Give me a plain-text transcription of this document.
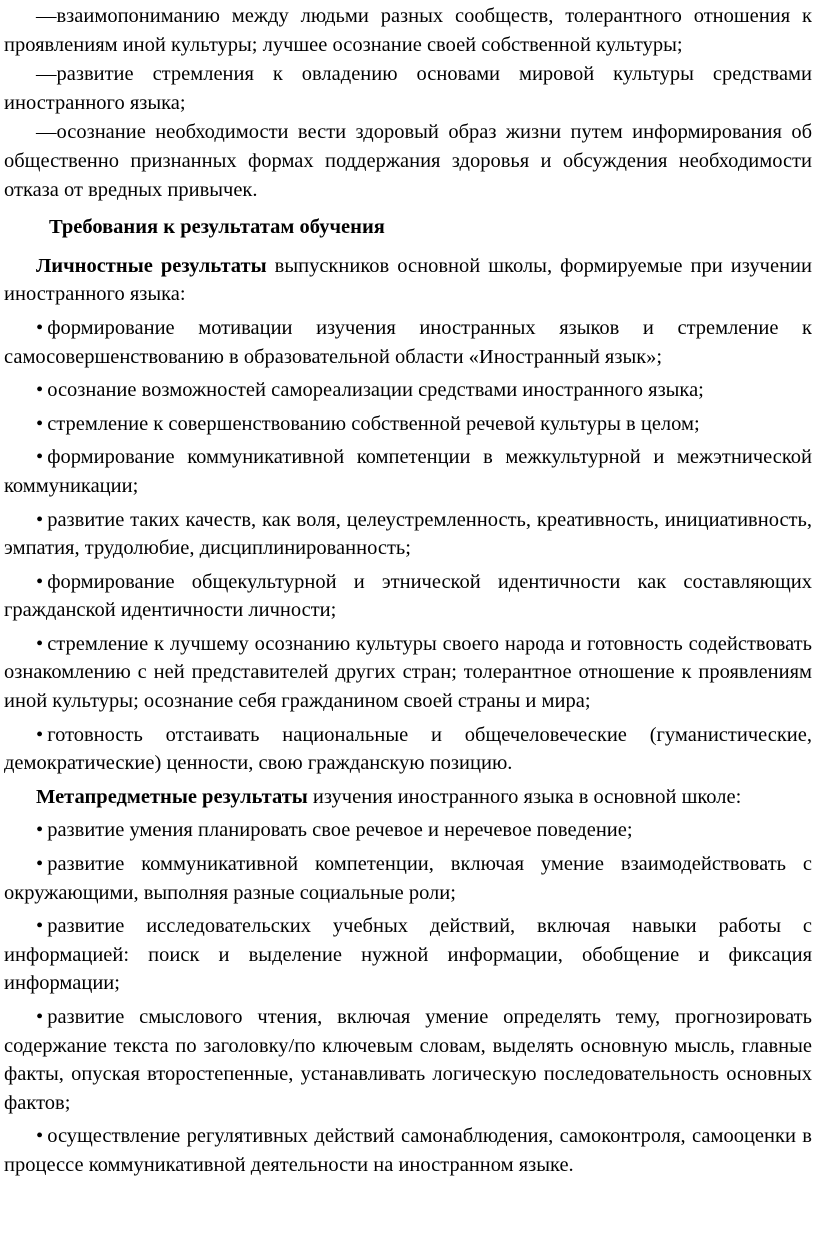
—взаимопониманию между людьми разных сообществ, толерантного отношения к проявлениям иной культуры; лучшее осознание своей собственной культуры;

—развитие стремления к овладению основами мировой культуры средствами иностранного языка;

—осознание необходимости вести здоровый образ жизни путем информирования об общественно признанных формах поддержания здоровья и обсуждения необходимости отказа от вредных привычек.

Требования к результатам обучения

Личностные результаты выпускников основной школы, формируемые при изучении иностранного языка:

• формирование мотивации изучения иностранных языков и стремление к самосовершенствованию в образовательной области «Иностранный язык»;

• осознание возможностей самореализации средствами иностранного языка;

• стремление к совершенствованию собственной речевой культуры в целом;

• формирование коммуникативной компетенции в межкультурной и межэтнической коммуникации;

• развитие таких качеств, как воля, целеустремленность, креативность, инициативность, эмпатия, трудолюбие, дисциплинированность;

• формирование общекультурной и этнической идентичности как составляющих гражданской идентичности личности;

• стремление к лучшему осознанию культуры своего народа и готовность содействовать ознакомлению с ней представителей других стран; толерантное отношение к проявлениям иной культуры; осознание себя гражданином своей страны и мира;

• готовность отстаивать национальные и общечеловеческие (гуманистические, демократические) ценности, свою гражданскую позицию.

Метапредметные результаты изучения иностранного языка в основной школе:

• развитие умения планировать свое речевое и неречевое поведение;

• развитие коммуникативной компетенции, включая умение взаимодействовать с окружающими, выполняя разные социальные роли;

• развитие исследовательских учебных действий, включая навыки работы с информацией: поиск и выделение нужной информации, обобщение и фиксация информации;

• развитие смыслового чтения, включая умение определять тему, прогнозировать содержание текста по заголовку/по ключевым словам, выделять основную мысль, главные факты, опуская второстепенные, устанавливать логическую последовательность основных фактов;

• осуществление регулятивных действий самонаблюдения, самоконтроля, самооценки в процессе коммуникативной деятельности на иностранном языке.
